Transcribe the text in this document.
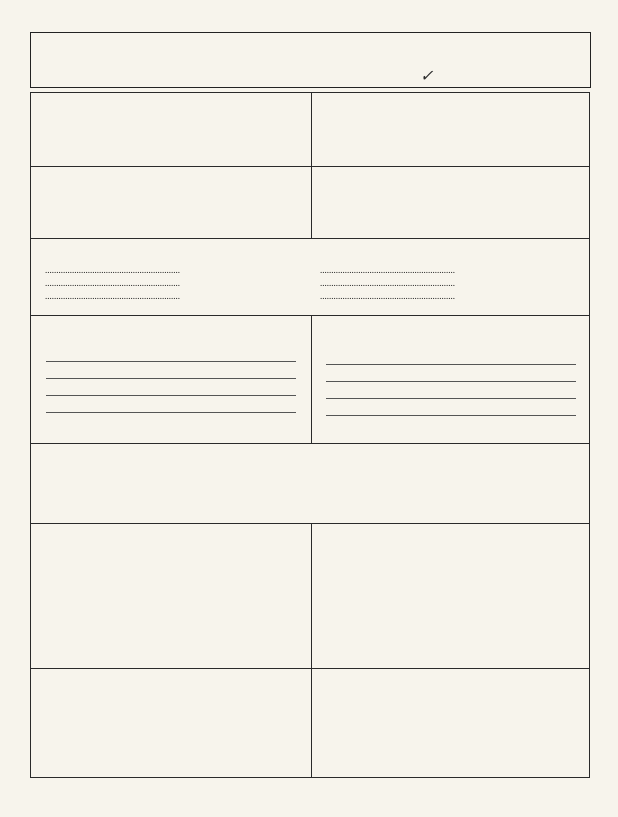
✓
............................................................
............................................................
............................................................
............................................................
............................................................
............................................................
